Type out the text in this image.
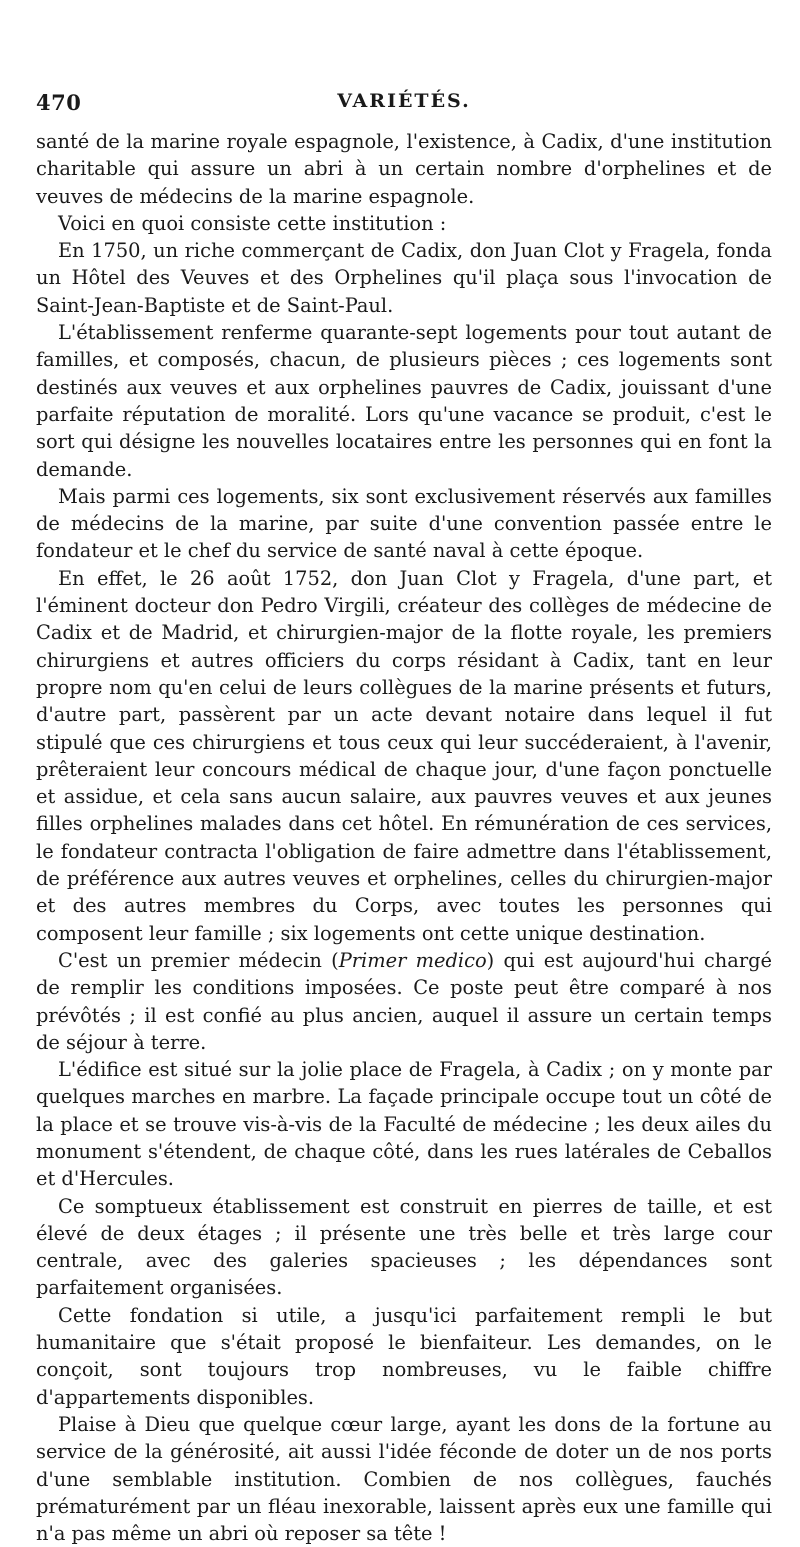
470	VARIÉTÉS.

santé de la marine royale espagnole, l'existence, à Cadix, d'une institution charitable qui assure un abri à un certain nombre d'orphelines et de veuves de médecins de la marine espagnole.

Voici en quoi consiste cette institution :

En 1750, un riche commerçant de Cadix, don Juan Clot y Fragela, fonda un Hôtel des Veuves et des Orphelines qu'il plaça sous l'invocation de Saint-Jean-Baptiste et de Saint-Paul.

L'établissement renferme quarante-sept logements pour tout autant de familles, et composés, chacun, de plusieurs pièces ; ces logements sont destinés aux veuves et aux orphelines pauvres de Cadix, jouissant d'une parfaite réputation de moralité. Lors qu'une vacance se produit, c'est le sort qui désigne les nouvelles locataires entre les personnes qui en font la demande.

Mais parmi ces logements, six sont exclusivement réservés aux familles de médecins de la marine, par suite d'une convention passée entre le fondateur et le chef du service de santé naval à cette époque.

En effet, le 26 août 1752, don Juan Clot y Fragela, d'une part, et l'éminent docteur don Pedro Virgili, créateur des collèges de médecine de Cadix et de Madrid, et chirurgien-major de la flotte royale, les premiers chirurgiens et autres officiers du corps résidant à Cadix, tant en leur propre nom qu'en celui de leurs collègues de la marine présents et futurs, d'autre part, passèrent par un acte devant notaire dans lequel il fut stipulé que ces chirurgiens et tous ceux qui leur succéderaient, à l'avenir, prêteraient leur concours médical de chaque jour, d'une façon ponctuelle et assidue, et cela sans aucun salaire, aux pauvres veuves et aux jeunes filles orphelines malades dans cet hôtel. En rémunération de ces services, le fondateur contracta l'obligation de faire admettre dans l'établissement, de préférence aux autres veuves et orphelines, celles du chirurgien-major et des autres membres du Corps, avec toutes les personnes qui composent leur famille ; six logements ont cette unique destination.

C'est un premier médecin (Primer medico) qui est aujourd'hui chargé de remplir les conditions imposées. Ce poste peut être comparé à nos prévôtés ; il est confié au plus ancien, auquel il assure un certain temps de séjour à terre.

L'édifice est situé sur la jolie place de Fragela, à Cadix ; on y monte par quelques marches en marbre. La façade principale occupe tout un côté de la place et se trouve vis-à-vis de la Faculté de médecine ; les deux ailes du monument s'étendent, de chaque côté, dans les rues latérales de Ceballos et d'Hercules.

Ce somptueux établissement est construit en pierres de taille, et est élevé de deux étages ; il présente une très belle et très large cour centrale, avec des galeries spacieuses ; les dépendances sont parfaitement organisées.

Cette fondation si utile, a jusqu'ici parfaitement rempli le but humanitaire que s'était proposé le bienfaiteur. Les demandes, on le conçoit, sont toujours trop nombreuses, vu le faible chiffre d'appartements disponibles.

Plaise à Dieu que quelque cœur large, ayant les dons de la fortune au service de la générosité, ait aussi l'idée féconde de doter un de nos ports d'une semblable institution. Combien de nos collègues, fauchés prématurément par un fléau inexorable, laissent après eux une famille qui n'a pas même un abri où reposer sa tête !
